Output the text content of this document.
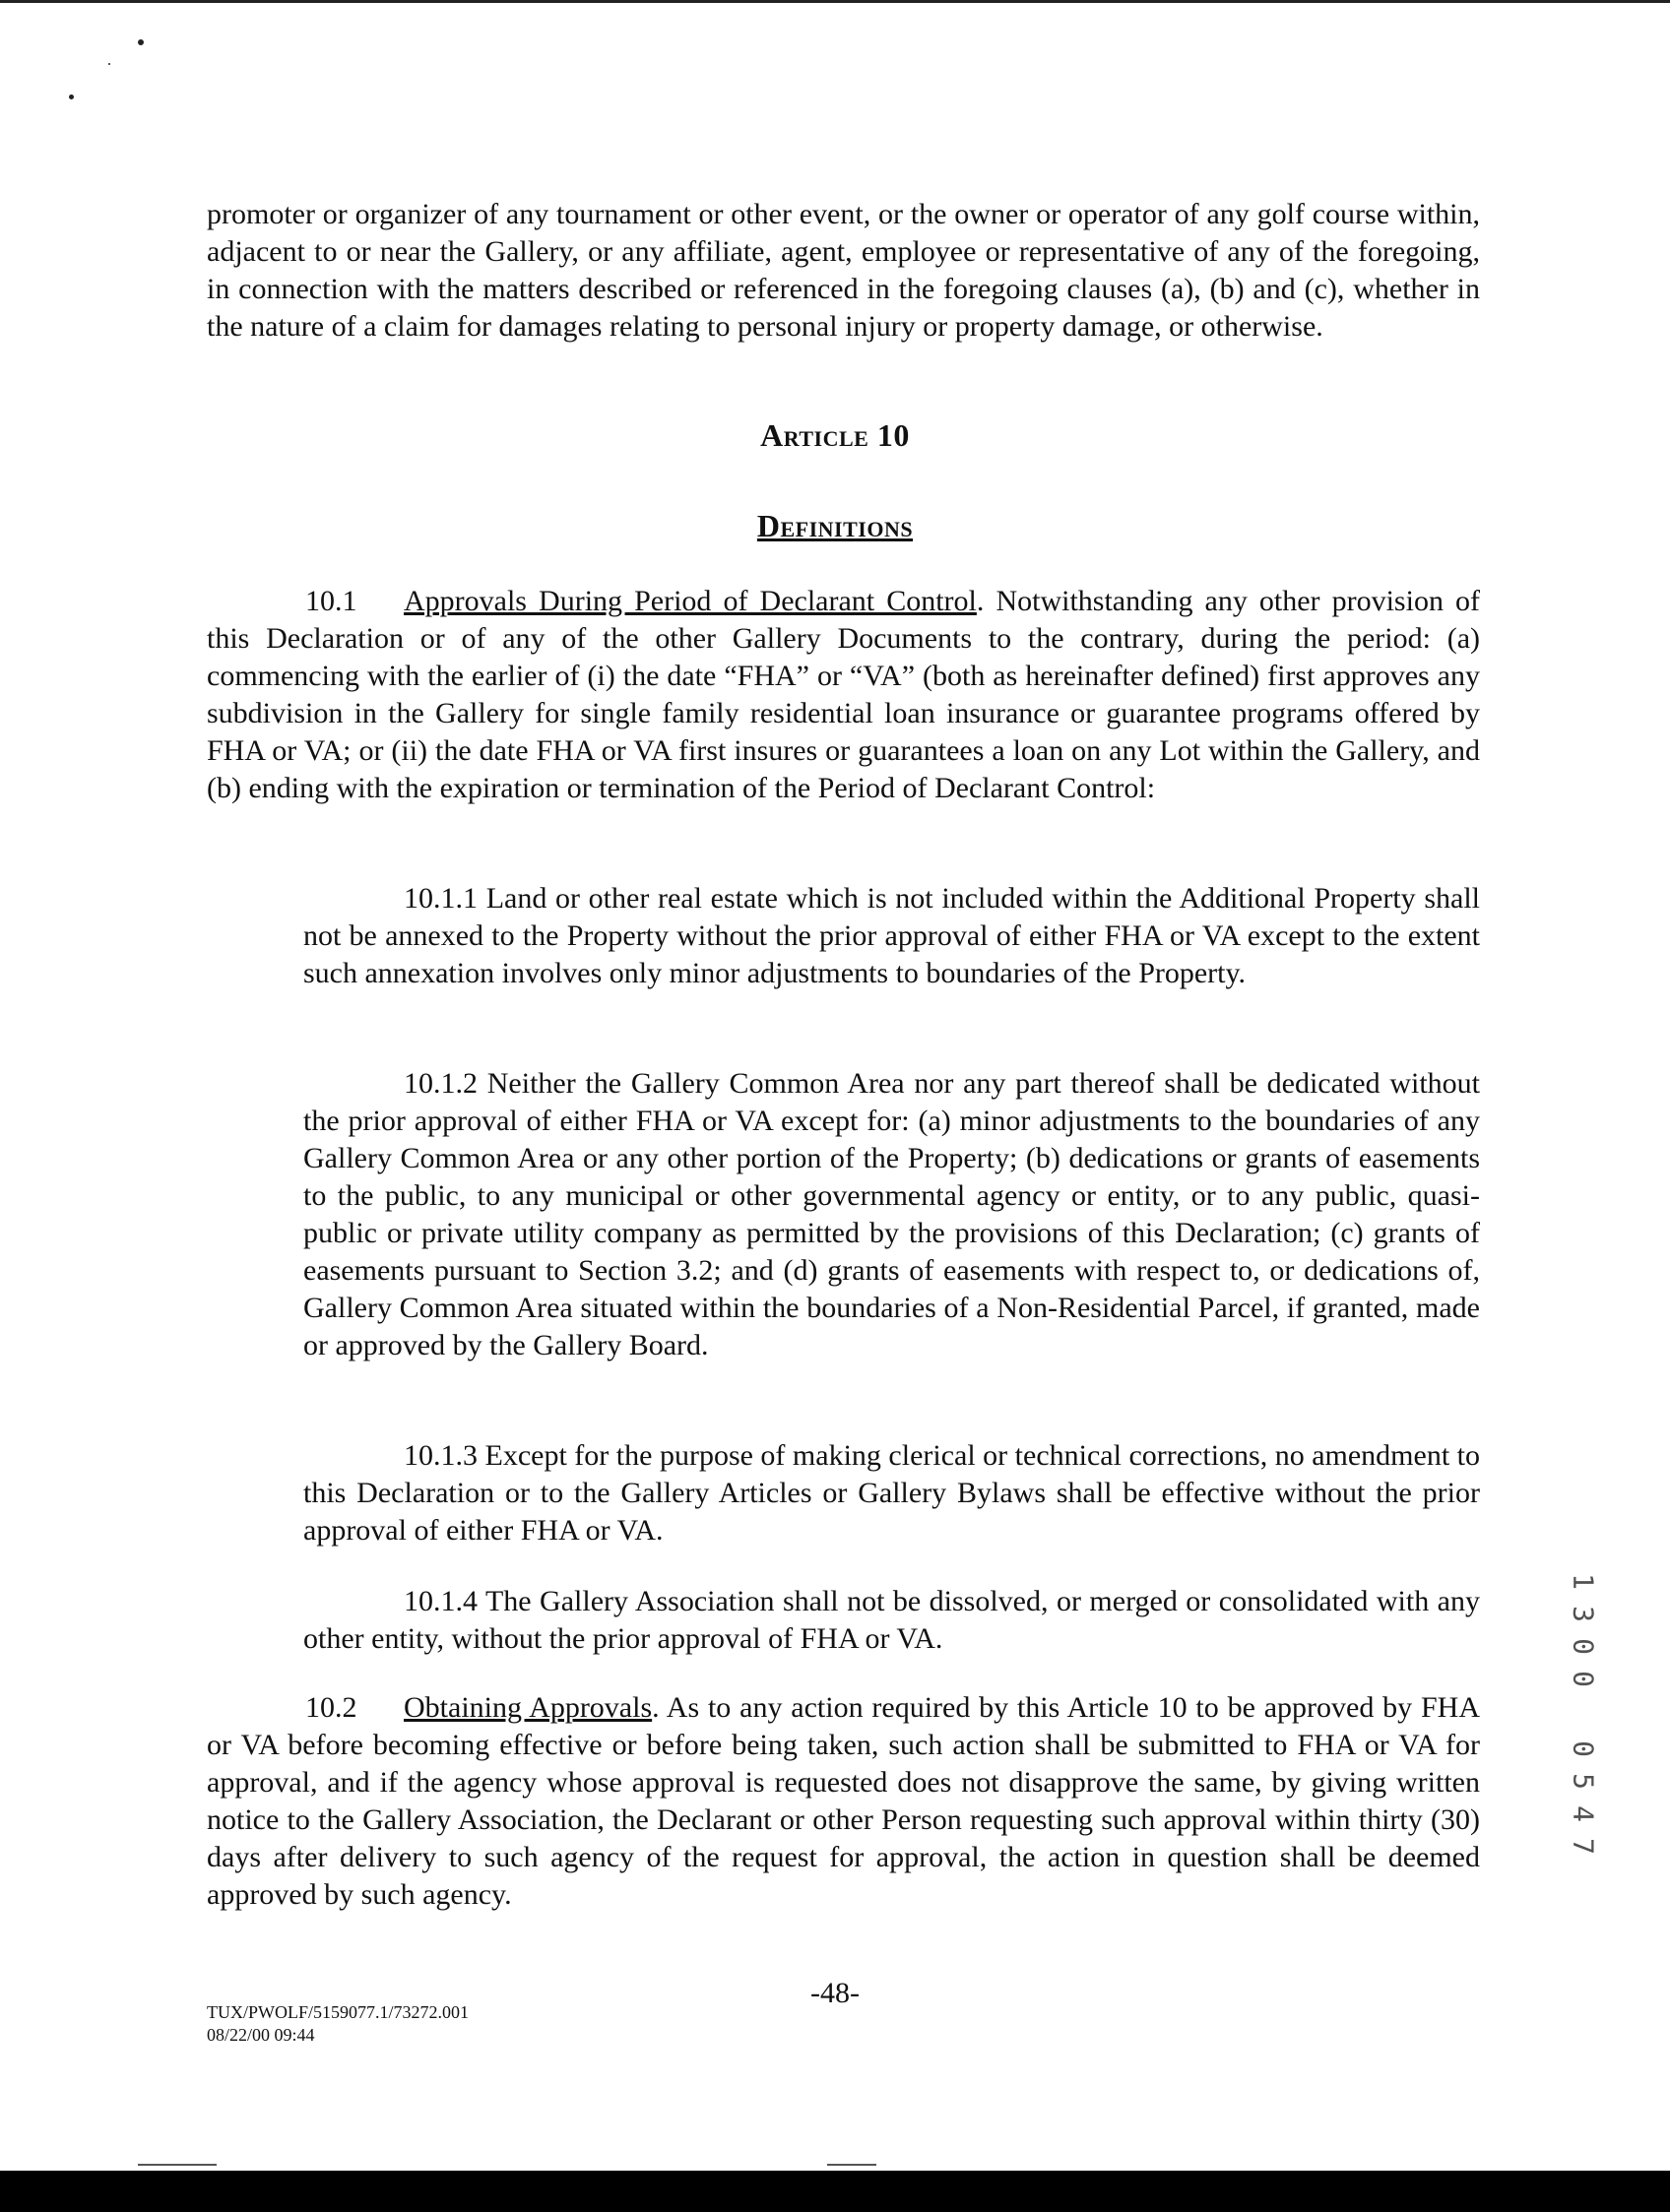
promoter or organizer of any tournament or other event, or the owner or operator of any golf course within, adjacent to or near the Gallery, or any affiliate, agent, employee or representative of any of the foregoing, in connection with the matters described or referenced in the foregoing clauses (a), (b) and (c), whether in the nature of a claim for damages relating to personal injury or property damage, or otherwise.

Article 10
Definitions

10.1 Approvals During Period of Declarant Control. Notwithstanding any other provision of this Declaration or of any of the other Gallery Documents to the contrary, during the period: (a) commencing with the earlier of (i) the date “FHA” or “VA” (both as hereinafter defined) first approves any subdivision in the Gallery for single family residential loan insurance or guarantee programs offered by FHA or VA; or (ii) the date FHA or VA first insures or guarantees a loan on any Lot within the Gallery, and (b) ending with the expiration or termination of the Period of Declarant Control:

10.1.1 Land or other real estate which is not included within the Additional Property shall not be annexed to the Property without the prior approval of either FHA or VA except to the extent such annexation involves only minor adjustments to boundaries of the Property.

10.1.2 Neither the Gallery Common Area nor any part thereof shall be dedicated without the prior approval of either FHA or VA except for: (a) minor adjustments to the boundaries of any Gallery Common Area or any other portion of the Property; (b) dedications or grants of easements to the public, to any municipal or other governmental agency or entity, or to any public, quasi-public or private utility company as permitted by the provisions of this Declaration; (c) grants of easements pursuant to Section 3.2; and (d) grants of easements with respect to, or dedications of, Gallery Common Area situated within the boundaries of a Non-Residential Parcel, if granted, made or approved by the Gallery Board.

10.1.3 Except for the purpose of making clerical or technical corrections, no amendment to this Declaration or to the Gallery Articles or Gallery Bylaws shall be effective without the prior approval of either FHA or VA.

10.1.4 The Gallery Association shall not be dissolved, or merged or consolidated with any other entity, without the prior approval of FHA or VA.

10.2 Obtaining Approvals. As to any action required by this Article 10 to be approved by FHA or VA before becoming effective or before being taken, such action shall be submitted to FHA or VA for approval, and if the agency whose approval is requested does not disapprove the same, by giving written notice to the Gallery Association, the Declarant or other Person requesting such approval within thirty (30) days after delivery to such agency of the request for approval, the action in question shall be deemed approved by such agency.

-48-

TUX/PWOLF/5159077.1/73272.001

08/22/00 09:44

1
3
0
0
0
5
4
7
